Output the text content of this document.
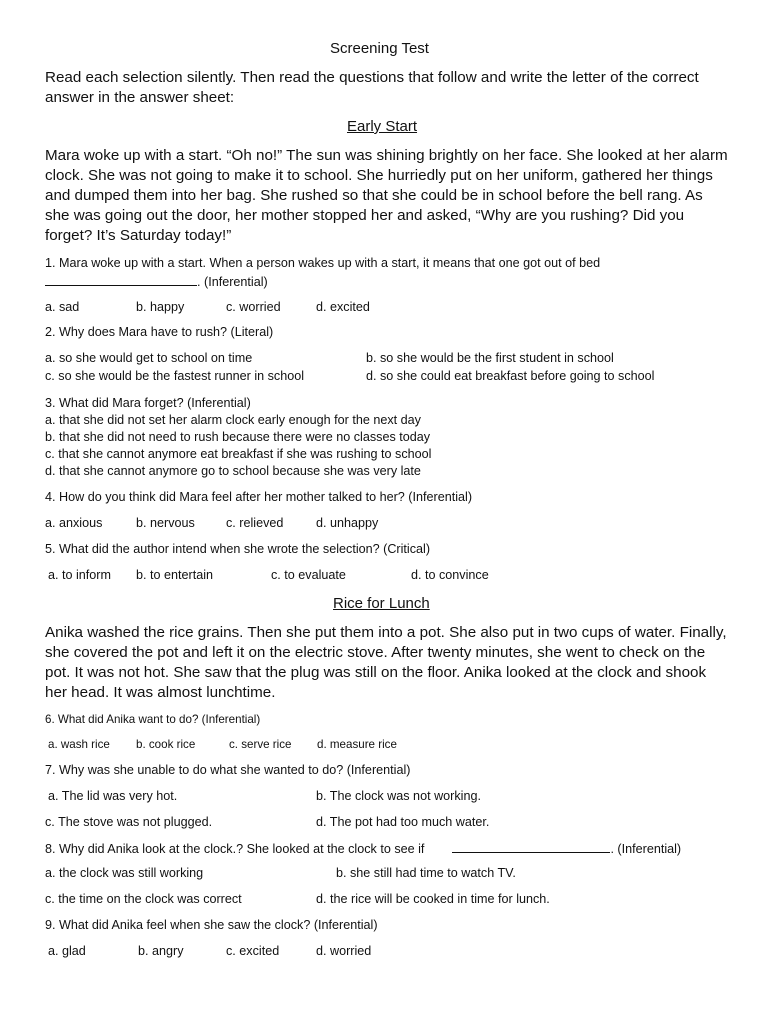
Screening Test
Read each selection silently. Then read the questions that follow and write the letter of the correct answer in the answer sheet:
Early Start
Mara woke up with a start. “Oh no!” The sun was shining brightly on her face. She looked at her alarm clock. She was not going to make it to school. She hurriedly put on her uniform, gathered her things and dumped them into her bag. She rushed so that she could be in school before the bell rang. As she was going out the door, her mother stopped her and asked, “Why are you rushing? Did you forget? It’s Saturday today!”
1. Mara woke up with a start. When a person wakes up with a start, it means that one got out of bed
. (Inferential)
a. sad	b. happy	c. worried	d. excited
2. Why does Mara have to rush? (Literal)
a. so she would get to school on time	b. so she would be the first student in school
c. so she would be the fastest runner in school	d. so she could eat breakfast before going to school
3. What did Mara forget? (Inferential)
a. that she did not set her alarm clock early enough for the next day
b. that she did not need to rush because there were no classes today
c. that she cannot anymore eat breakfast if she was rushing to school
d. that she cannot anymore go to school because she was very late
4. How do you think did Mara feel after her mother talked to her? (Inferential)
a. anxious	b. nervous c. relieved	d. unhappy
5. What did the author intend when she wrote the selection? (Critical)
a. to inform b. to entertain	c. to evaluate	d. to convince
Rice for Lunch
Anika washed the rice grains. Then she put them into a pot. She also put in two cups of water. Finally, she covered the pot and left it on the electric stove. After twenty minutes, she went to check on the pot. It was not hot. She saw that the plug was still on the floor. Anika looked at the clock and shook her head. It was almost lunchtime.
6. What did Anika want to do? (Inferential)
a. wash rice b. cook rice	c. serve rice d. measure rice
7. Why was she unable to do what she wanted to do? (Inferential)
a. The lid was very hot.	b. The clock was not working.
c. The stove was not plugged.	d. The pot had too much water.
8. Why did Anika look at the clock.? She looked at the clock to see if	. (Inferential)
a. the clock was still working	b. she still had time to watch TV.
c. the time on the clock was correct	d. the rice will be cooked in time for lunch.
9. What did Anika feel when she saw the clock? (Inferential)
a. glad	b. angry	c. excited	d. worried
